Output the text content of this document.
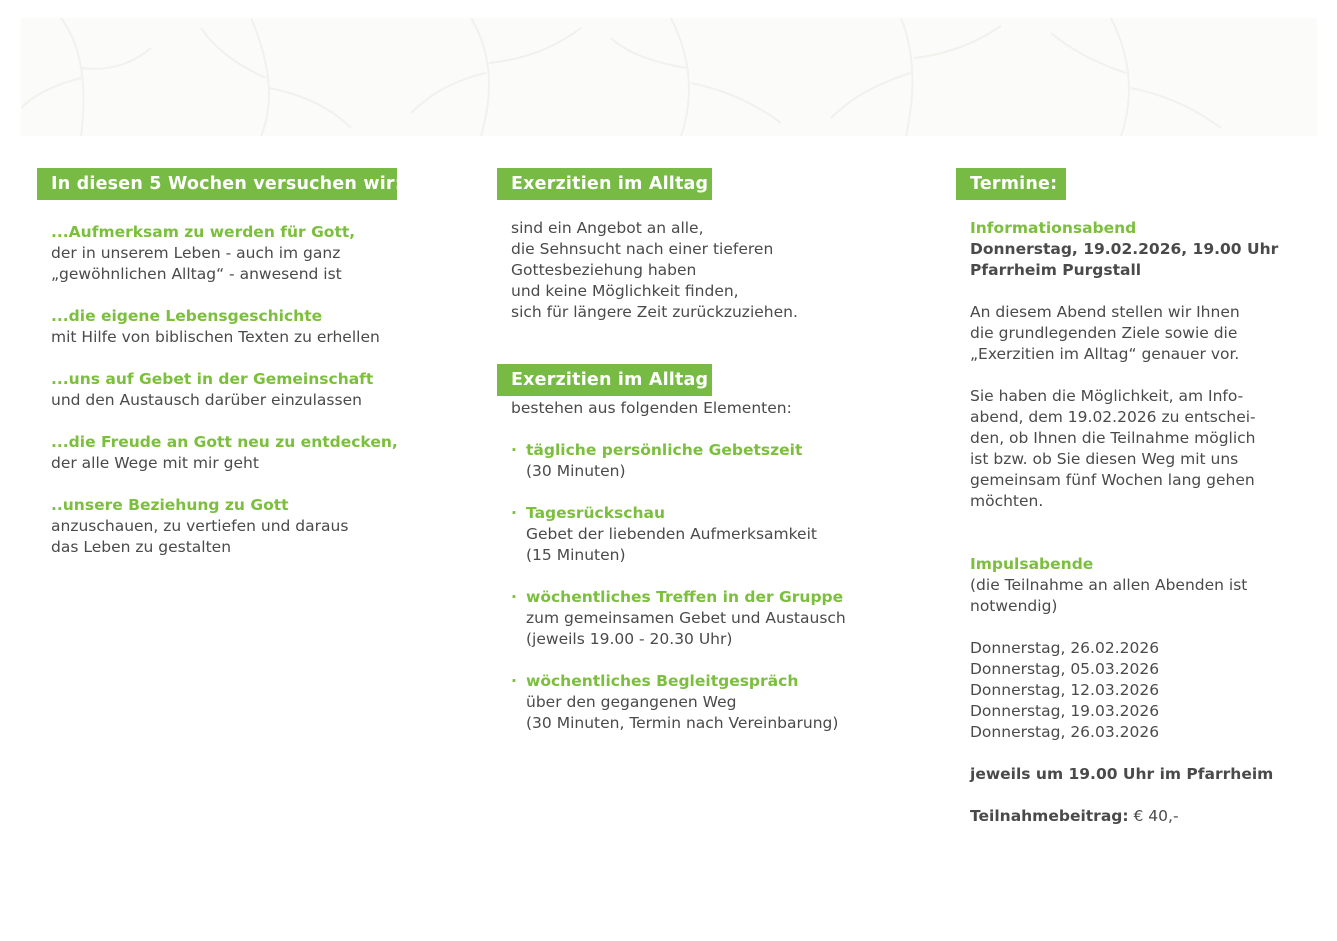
In diesen 5 Wochen versuchen wir:
...Aufmerksam zu werden für Gott,
der in unserem Leben - auch im ganz
„gewöhnlichen Alltag“ - anwesend ist
...die eigene Lebensgeschichte
mit Hilfe von biblischen Texten zu erhellen
...uns auf Gebet in der Gemeinschaft
und den Austausch darüber einzulassen
...die Freude an Gott neu zu entdecken,
der alle Wege mit mir geht
..unsere Beziehung zu Gott
anzuschauen, zu vertiefen und daraus
das Leben zu gestalten
Exerzitien im Alltag
sind ein Angebot an alle,
die Sehnsucht nach einer tieferen
Gottesbeziehung haben
und keine Möglichkeit finden,
sich für längere Zeit zurückzuziehen.
Exerzitien im Alltag
bestehen aus folgenden Elementen:
· tägliche persönliche Gebetszeit
(30 Minuten)
· Tagesrückschau
Gebet der liebenden Aufmerksamkeit
(15 Minuten)
· wöchentliches Treffen in der Gruppe
zum gemeinsamen Gebet und Austausch
(jeweils 19.00 - 20.30 Uhr)
· wöchentliches Begleitgespräch
über den gegangenen Weg
(30 Minuten, Termin nach Vereinbarung)
Termine:
Informationsabend
Donnerstag, 19.02.2026, 19.00 Uhr
Pfarrheim Purgstall
An diesem Abend stellen wir Ihnen
die grundlegenden Ziele sowie die
„Exerzitien im Alltag“ genauer vor.
Sie haben die Möglichkeit, am Info-
abend, dem 19.02.2026 zu entschei-
den, ob Ihnen die Teilnahme möglich
ist bzw. ob Sie diesen Weg mit uns
gemeinsam fünf Wochen lang gehen
möchten.
Impulsabende
(die Teilnahme an allen Abenden ist
notwendig)
Donnerstag, 26.02.2026
Donnerstag, 05.03.2026
Donnerstag, 12.03.2026
Donnerstag, 19.03.2026
Donnerstag, 26.03.2026
jeweils um 19.00 Uhr im Pfarrheim
Teilnahmebeitrag: € 40,-
